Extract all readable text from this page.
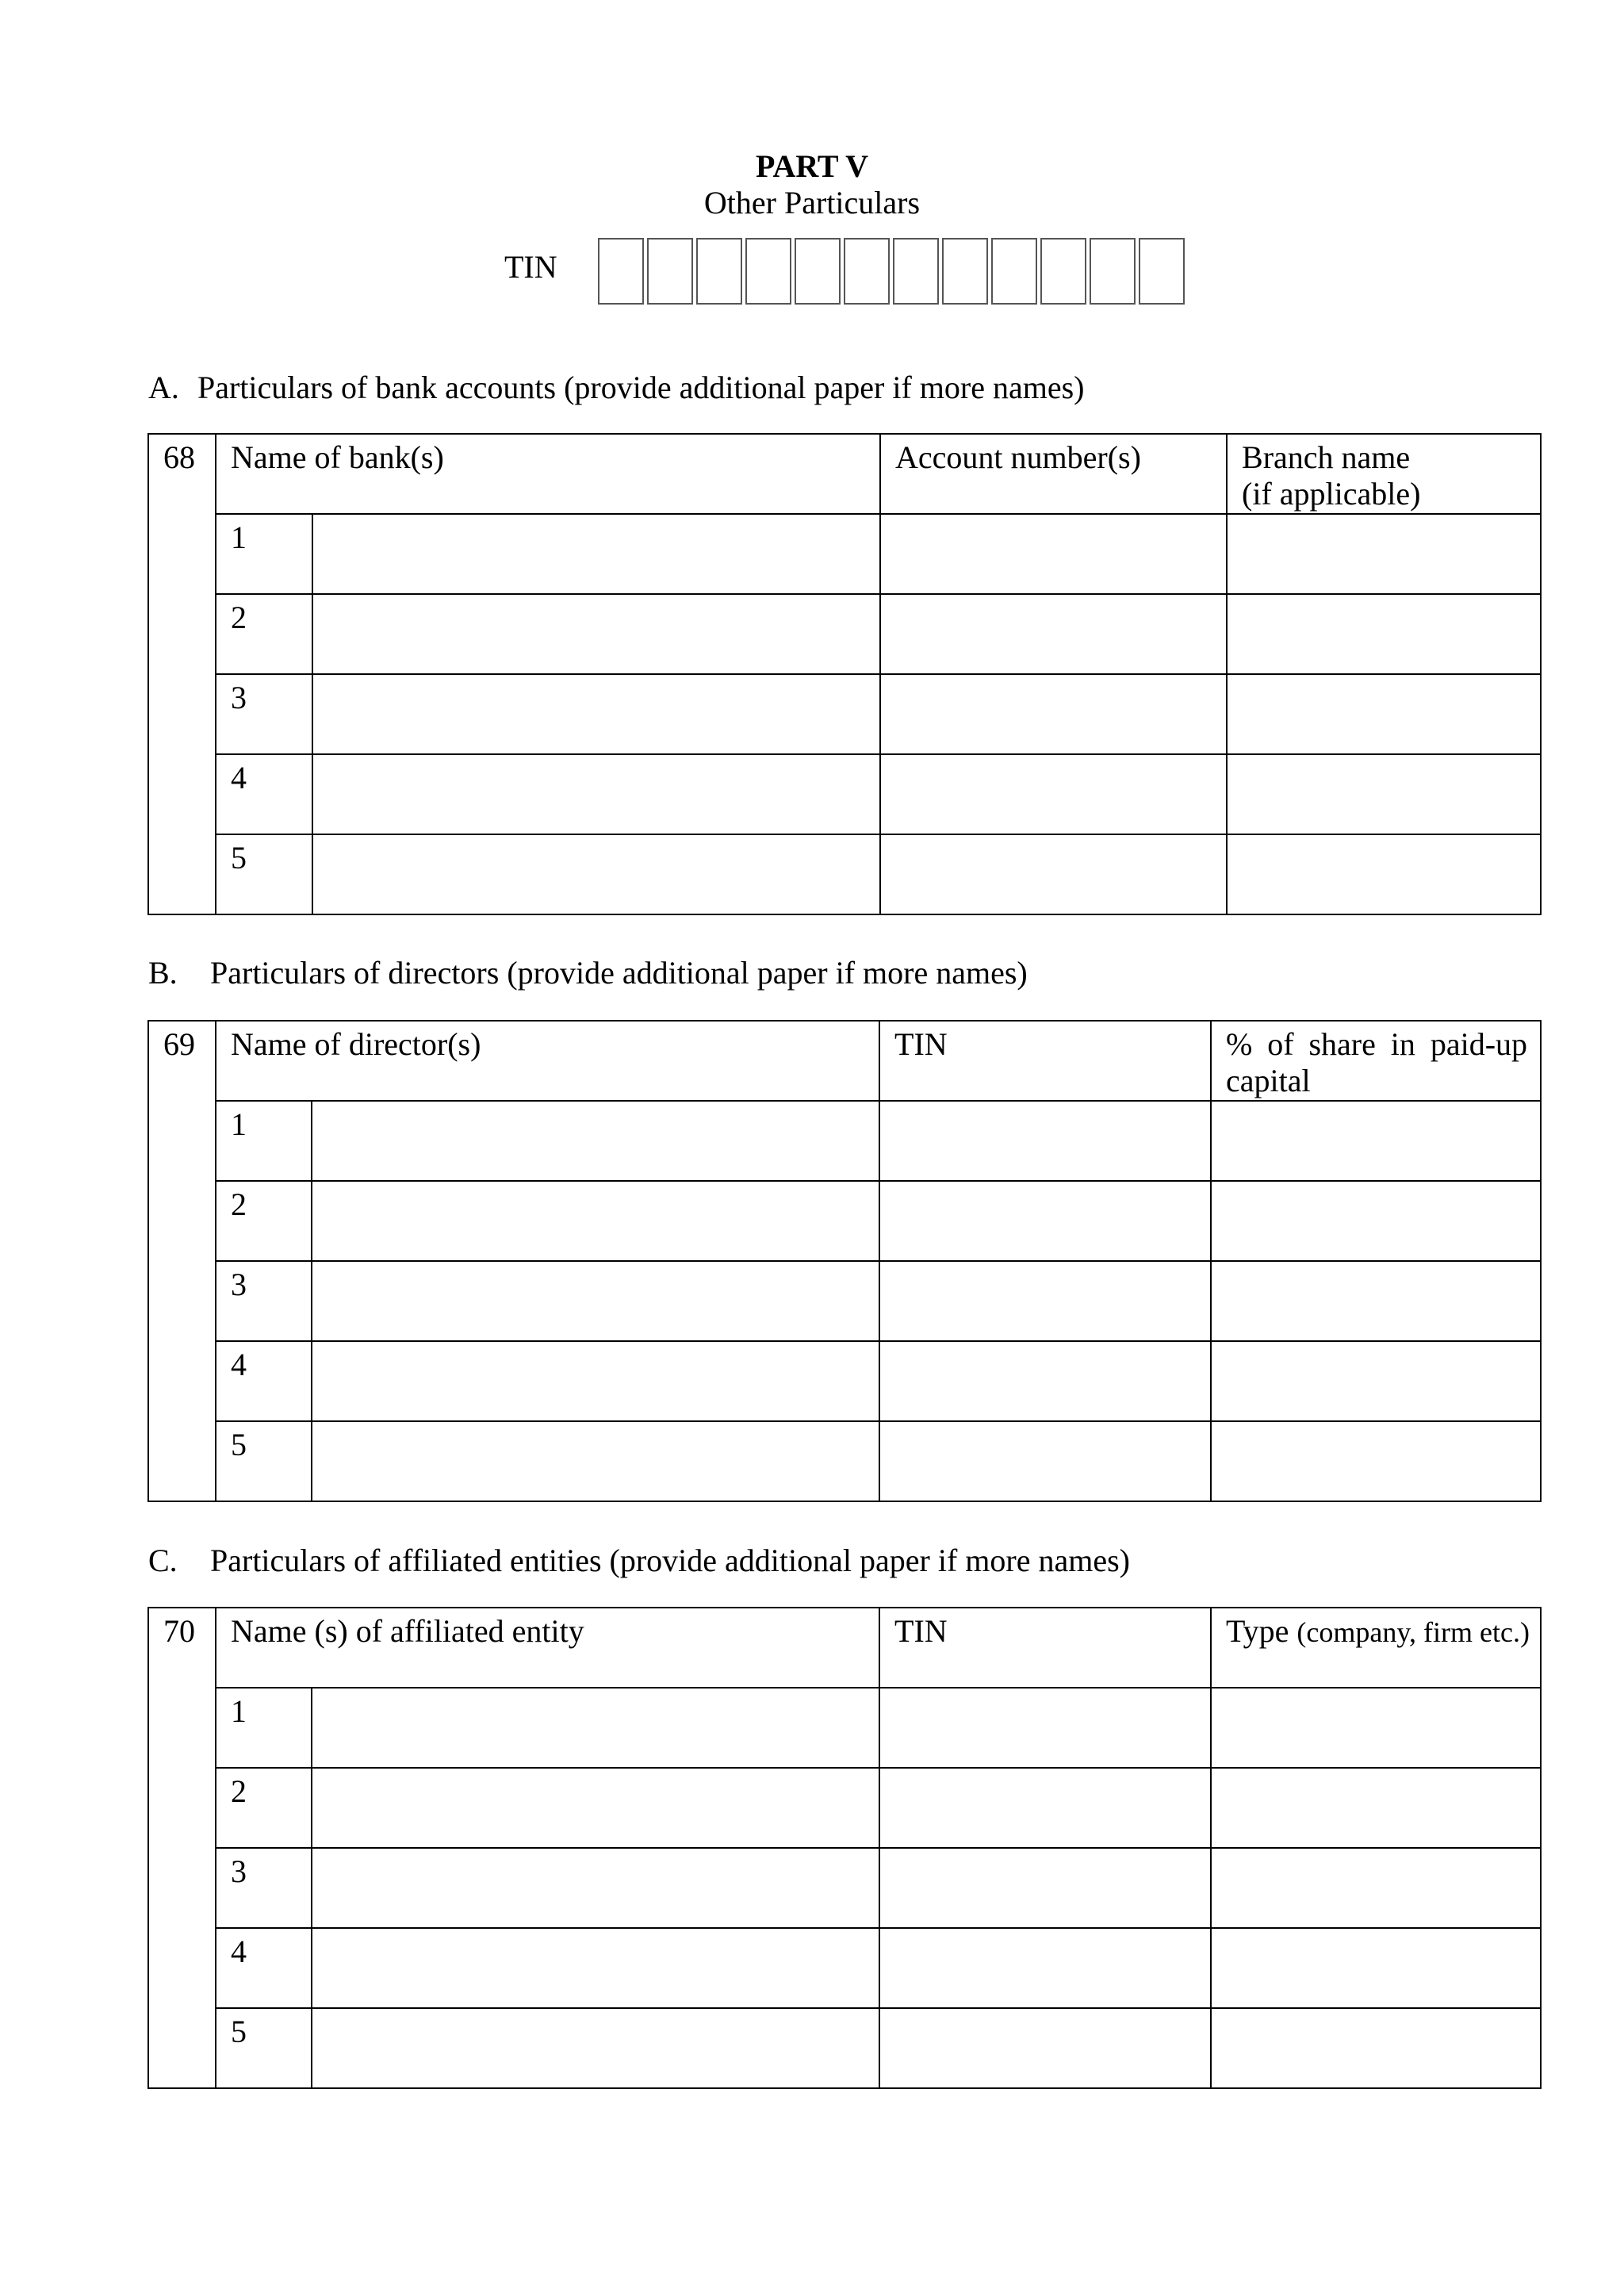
PART V
Other Particulars
TIN
A. Particulars of bank accounts (provide additional paper if more names)
68	Name of bank(s)		Account number(s)	Branch name
(if applicable)
	1			
	2			
	3			
	4			
	5			
B. Particulars of directors (provide additional paper if more names)
69	Name of director(s)		TIN	% of share in paid-up capital
	1			
	2			
	3			
	4			
	5			
C. Particulars of affiliated entities (provide additional paper if more names)
70	Name (s) of affiliated entity		TIN	Type (company, firm etc.)
	1			
	2			
	3			
	4			
	5			
